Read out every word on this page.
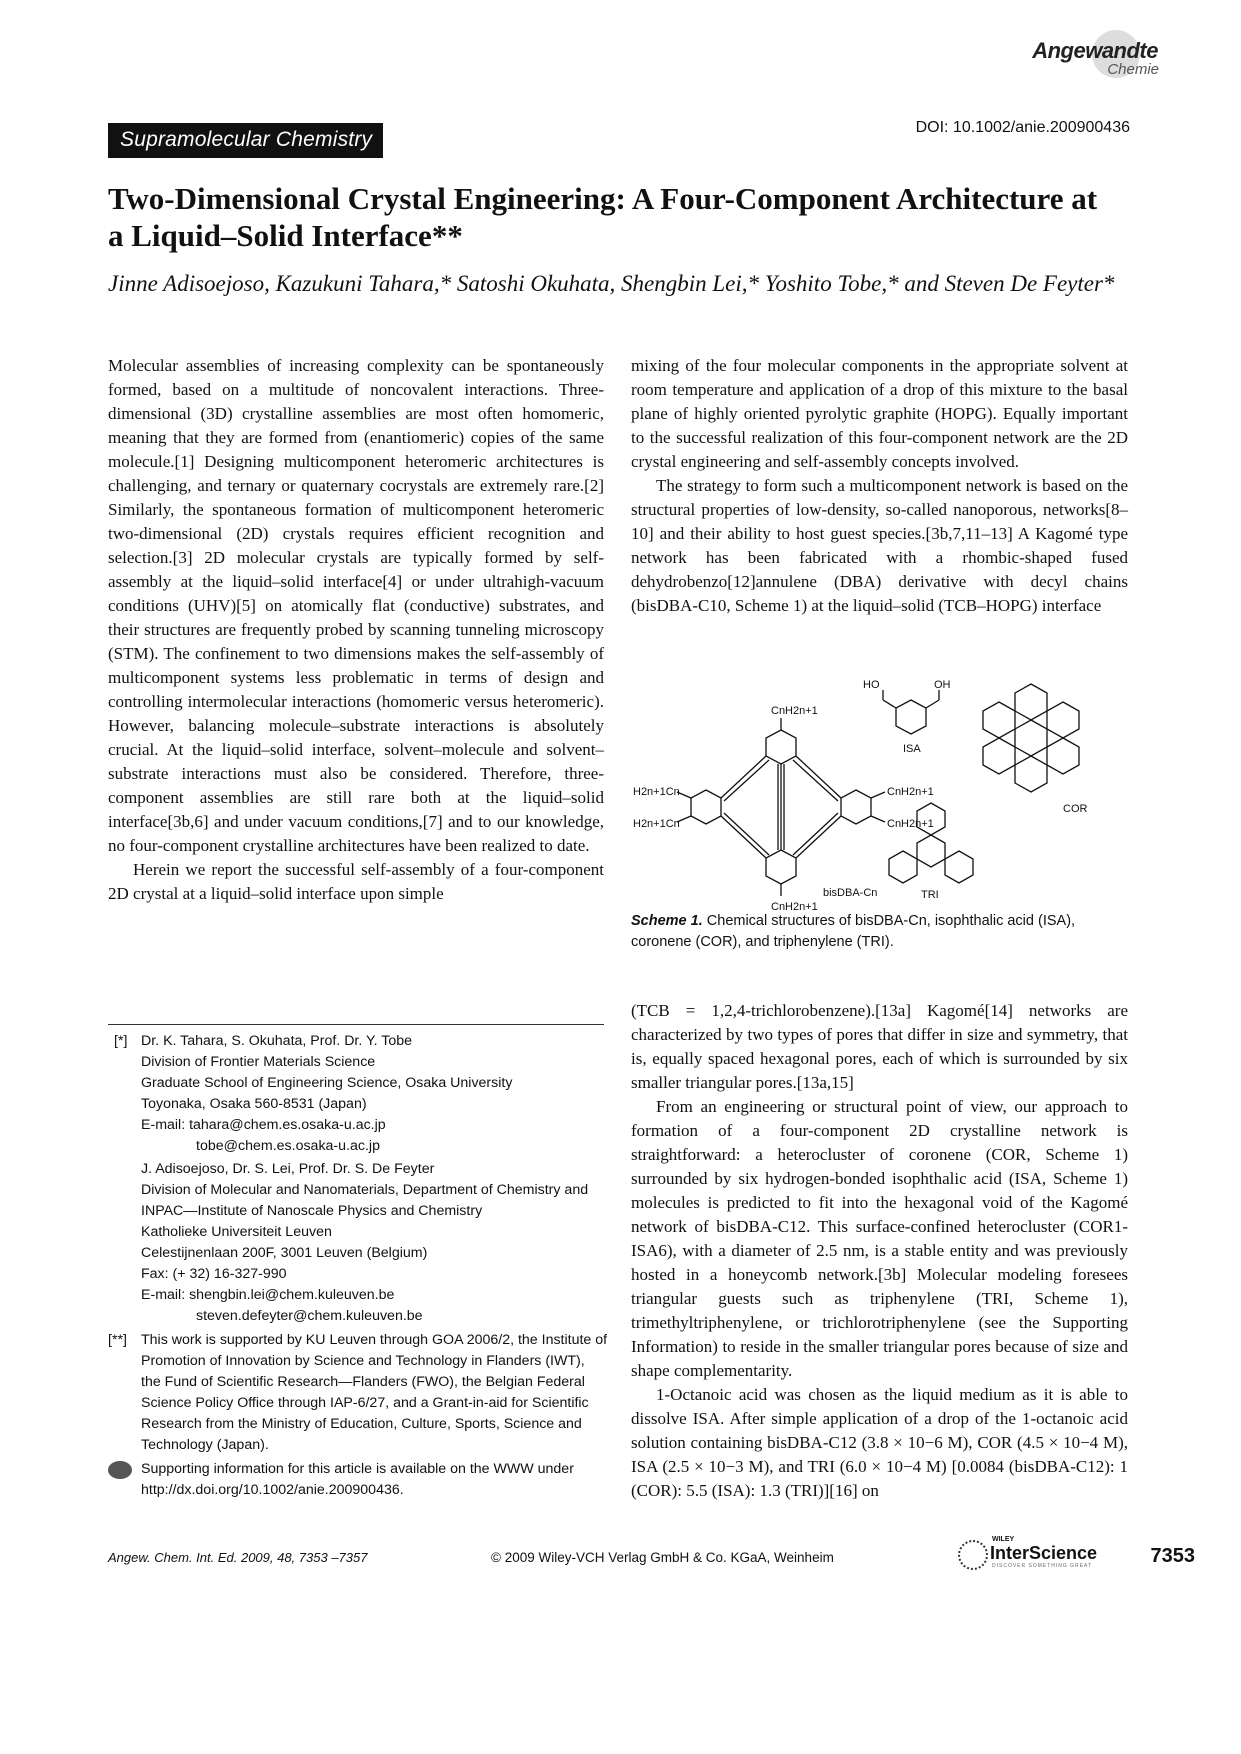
Angewandte
Chemie
Supramolecular Chemistry
DOI: 10.1002/anie.200900436
Two-Dimensional Crystal Engineering: A Four-Component Architecture at a Liquid–Solid Interface**
Jinne Adisoejoso, Kazukuni Tahara,* Satoshi Okuhata, Shengbin Lei,* Yoshito Tobe,* and Steven De Feyter*

Molecular assemblies of increasing complexity can be spontaneously formed, based on a multitude of noncovalent interactions. Three-dimensional (3D) crystalline assemblies are most often homomeric, meaning that they are formed from (enantiomeric) copies of the same molecule.[1] Designing multicomponent heteromeric architectures is challenging, and ternary or quaternary cocrystals are extremely rare.[2] Similarly, the spontaneous formation of multicomponent heteromeric two-dimensional (2D) crystals requires efficient recognition and selection.[3] 2D molecular crystals are typically formed by self-assembly at the liquid–solid interface[4] or under ultrahigh-vacuum conditions (UHV)[5] on atomically flat (conductive) substrates, and their structures are frequently probed by scanning tunneling microscopy (STM). The confinement to two dimensions makes the self-assembly of multicomponent systems less problematic in terms of design and controlling intermolecular interactions (homomeric versus heteromeric). However, balancing molecule–substrate interactions is absolutely crucial. At the liquid–solid interface, solvent–molecule and solvent–substrate interactions must also be considered. Therefore, three-component assemblies are still rare both at the liquid–solid interface[3b,6] and under vacuum conditions,[7] and to our knowledge, no four-component crystalline architectures have been realized to date.

Herein we report the successful self-assembly of a four-component 2D crystal at a liquid–solid interface upon simple

mixing of the four molecular components in the appropriate solvent at room temperature and application of a drop of this mixture to the basal plane of highly oriented pyrolytic graphite (HOPG). Equally important to the successful realization of this four-component network are the 2D crystal engineering and self-assembly concepts involved.

The strategy to form such a multicomponent network is based on the structural properties of low-density, so-called nanoporous, networks[8–10] and their ability to host guest species.[3b,7,11–13] A Kagomé type network has been fabricated with a rhombic-shaped fused dehydrobenzo[12]annulene (DBA) derivative with decyl chains (bisDBA-C10, Scheme 1) at the liquid–solid (TCB–HOPG) interface

CnH2n+1
H2n+1Cn
H2n+1Cn
CnH2n+1
CnH2n+1
CnH2n+1
bisDBA-Cn
HO	OH
ISA
COR
TRI
Scheme 1. Chemical structures of bisDBA-Cn, isophthalic acid (ISA), coronene (COR), and triphenylene (TRI).

(TCB = 1,2,4-trichlorobenzene).[13a] Kagomé[14] networks are characterized by two types of pores that differ in size and symmetry, that is, equally spaced hexagonal pores, each of which is surrounded by six smaller triangular pores.[13a,15]

From an engineering or structural point of view, our approach to formation of a four-component 2D crystalline network is straightforward: a heterocluster of coronene (COR, Scheme 1) surrounded by six hydrogen-bonded isophthalic acid (ISA, Scheme 1) molecules is predicted to fit into the hexagonal void of the Kagomé network of bisDBA-C12. This surface-confined heterocluster (COR1-ISA6), with a diameter of 2.5 nm, is a stable entity and was previously hosted in a honeycomb network.[3b] Molecular modeling foresees triangular guests such as triphenylene (TRI, Scheme 1), trimethyltriphenylene, or trichlorotriphenylene (see the Supporting Information) to reside in the smaller triangular pores because of size and shape complementarity.

1-Octanoic acid was chosen as the liquid medium as it is able to dissolve ISA. After simple application of a drop of the 1-octanoic acid solution containing bisDBA-C12 (3.8 × 10−6 M), COR (4.5 × 10−4 M), ISA (2.5 × 10−3 M), and TRI (6.0 × 10−4 M) [0.0084 (bisDBA-C12): 1 (COR): 5.5 (ISA): 1.3 (TRI)][16] on

[*] Dr. K. Tahara, S. Okuhata, Prof. Dr. Y. Tobe
Division of Frontier Materials Science
Graduate School of Engineering Science, Osaka University
Toyonaka, Osaka 560-8531 (Japan)
E-mail: tahara@chem.es.osaka-u.ac.jp
tobe@chem.es.osaka-u.ac.jp
J. Adisoejoso, Dr. S. Lei, Prof. Dr. S. De Feyter
Division of Molecular and Nanomaterials, Department of Chemistry and
INPAC—Institute of Nanoscale Physics and Chemistry
Katholieke Universiteit Leuven
Celestijnenlaan 200F, 3001 Leuven (Belgium)
Fax: (+ 32) 16-327-990
E-mail: shengbin.lei@chem.kuleuven.be
steven.defeyter@chem.kuleuven.be
[**] This work is supported by KU Leuven through GOA 2006/2, the Institute of Promotion of Innovation by Science and Technology in Flanders (IWT), the Fund of Scientific Research—Flanders (FWO), the Belgian Federal Science Policy Office through IAP-6/27, and a Grant-in-aid for Scientific Research from the Ministry of Education, Culture, Sports, Science and Technology (Japan).
Supporting information for this article is available on the WWW under http://dx.doi.org/10.1002/anie.200900436.
Angew. Chem. Int. Ed. 2009, 48, 7353 –7357	© 2009 Wiley-VCH Verlag GmbH & Co. KGaA, Weinheim
WILEY
InterScience
DISCOVER SOMETHING GREAT	7353
